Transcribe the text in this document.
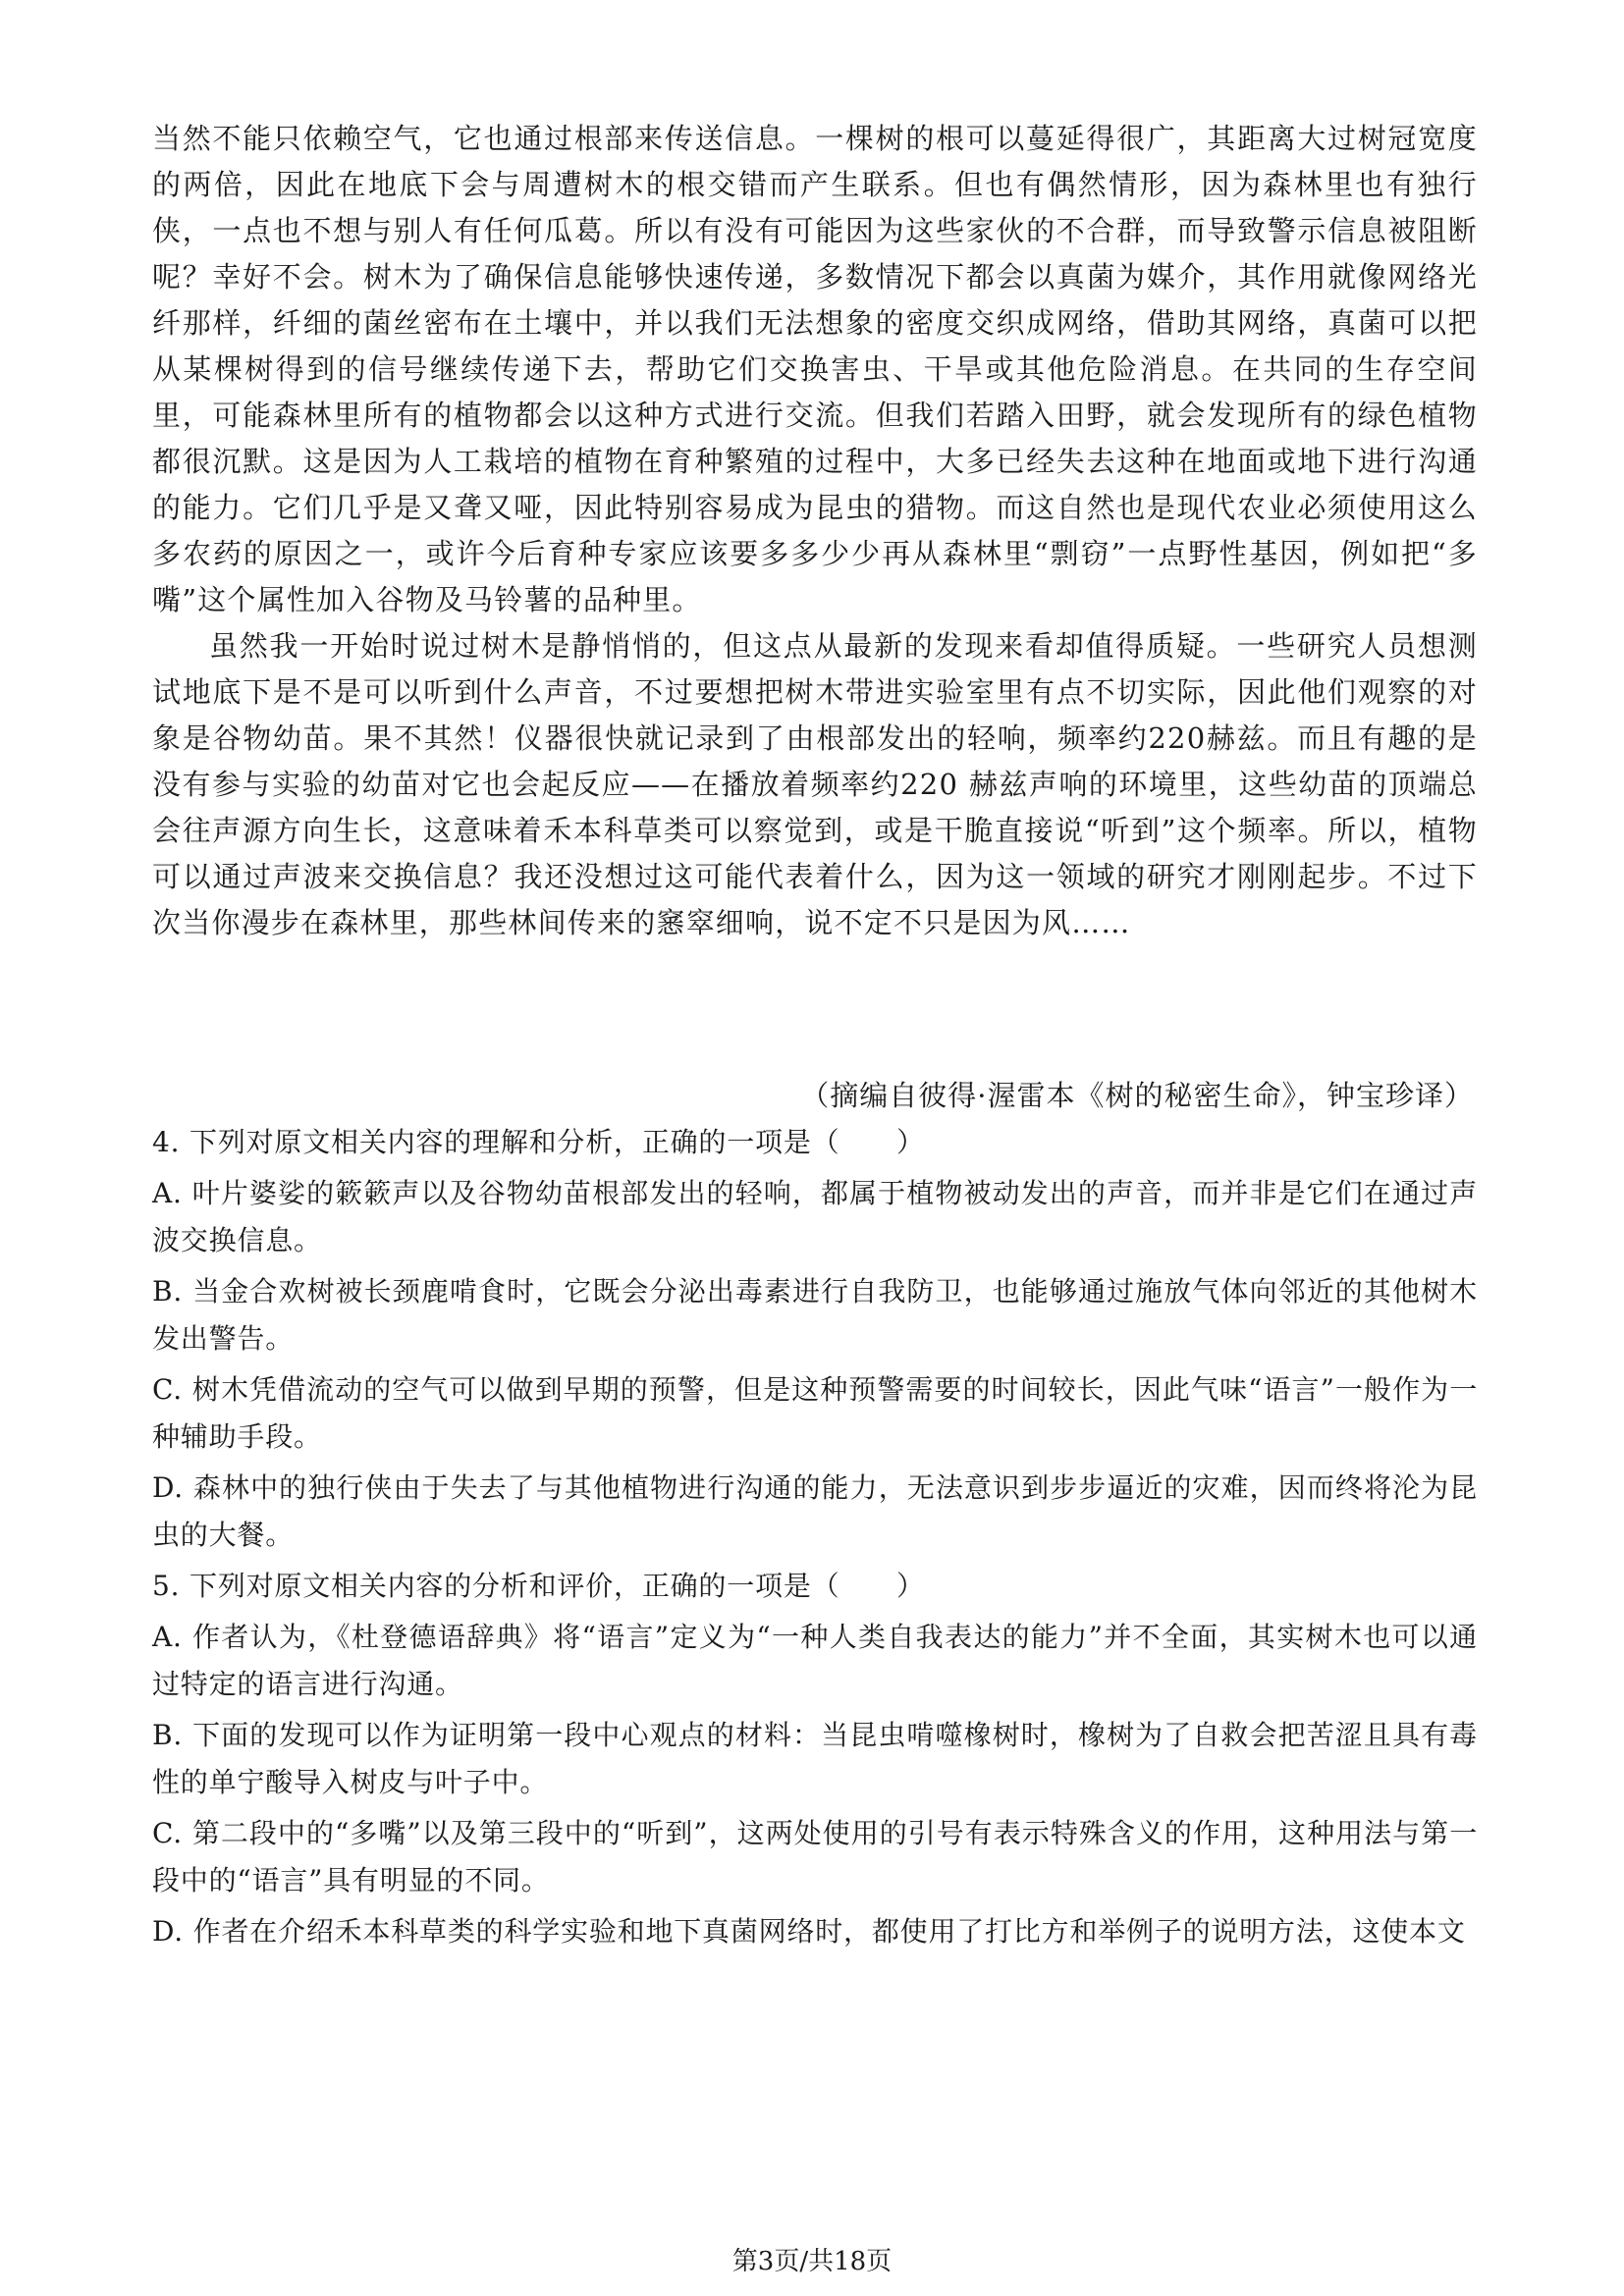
当然不能只依赖空气，它也通过根部来传送信息。一棵树的根可以蔓延得很广，其距离大过树冠宽度的两倍，因此在地底下会与周遭树木的根交错而产生联系。但也有偶然情形，因为森林里也有独行侠，一点也不想与别人有任何瓜葛。所以有没有可能因为这些家伙的不合群，而导致警示信息被阻断呢？幸好不会。树木为了确保信息能够快速传递，多数情况下都会以真菌为媒介，其作用就像网络光纤那样，纤细的菌丝密布在土壤中，并以我们无法想象的密度交织成网络，借助其网络，真菌可以把从某棵树得到的信号继续传递下去，帮助它们交换害虫、干旱或其他危险消息。在共同的生存空间里，可能森林里所有的植物都会以这种方式进行交流。但我们若踏入田野，就会发现所有的绿色植物都很沉默。这是因为人工栽培的植物在育种繁殖的过程中，大多已经失去这种在地面或地下进行沟通的能力。它们几乎是又聋又哑，因此特别容易成为昆虫的猎物。而这自然也是现代农业必须使用这么多农药的原因之一，或许今后育种专家应该要多多少少再从森林里“剽窃”一点野性基因，例如把“多嘴”这个属性加入谷物及马铃薯的品种里。

虽然我一开始时说过树木是静悄悄的，但这点从最新的发现来看却值得质疑。一些研究人员想测试地底下是不是可以听到什么声音，不过要想把树木带进实验室里有点不切实际，因此他们观察的对象是谷物幼苗。果不其然！仪器很快就记录到了由根部发出的轻响，频率约220赫兹。而且有趣的是没有参与实验的幼苗对它也会起反应——在播放着频率约220 赫兹声响的环境里，这些幼苗的顶端总会往声源方向生长，这意味着禾本科草类可以察觉到，或是干脆直接说“听到”这个频率。所以，植物可以通过声波来交换信息？我还没想过这可能代表着什么，因为这一领域的研究才刚刚起步。不过下次当你漫步在森林里，那些林间传来的窸窣细响，说不定不只是因为风……

（摘编自彼得·渥雷本《树的秘密生命》，钟宝珍译）

4. 下列对原文相关内容的理解和分析，正确的一项是（　　）

A. 叶片婆娑的簌簌声以及谷物幼苗根部发出的轻响，都属于植物被动发出的声音，而并非是它们在通过声波交换信息。

B. 当金合欢树被长颈鹿啃食时，它既会分泌出毒素进行自我防卫，也能够通过施放气体向邻近的其他树木发出警告。

C. 树木凭借流动的空气可以做到早期的预警，但是这种预警需要的时间较长，因此气味“语言”一般作为一种辅助手段。

D. 森林中的独行侠由于失去了与其他植物进行沟通的能力，无法意识到步步逼近的灾难，因而终将沦为昆虫的大餐。

5. 下列对原文相关内容的分析和评价，正确的一项是（　　）

A. 作者认为，《杜登德语辞典》将“语言”定义为“一种人类自我表达的能力”并不全面，其实树木也可以通过特定的语言进行沟通。

B. 下面的发现可以作为证明第一段中心观点的材料：当昆虫啃噬橡树时，橡树为了自救会把苦涩且具有毒性的单宁酸导入树皮与叶子中。

C. 第二段中的“多嘴”以及第三段中的“听到”，这两处使用的引号有表示特殊含义的作用，这种用法与第一段中的“语言”具有明显的不同。

D. 作者在介绍禾本科草类的科学实验和地下真菌网络时，都使用了打比方和举例子的说明方法，这使本文

第3页/共18页
